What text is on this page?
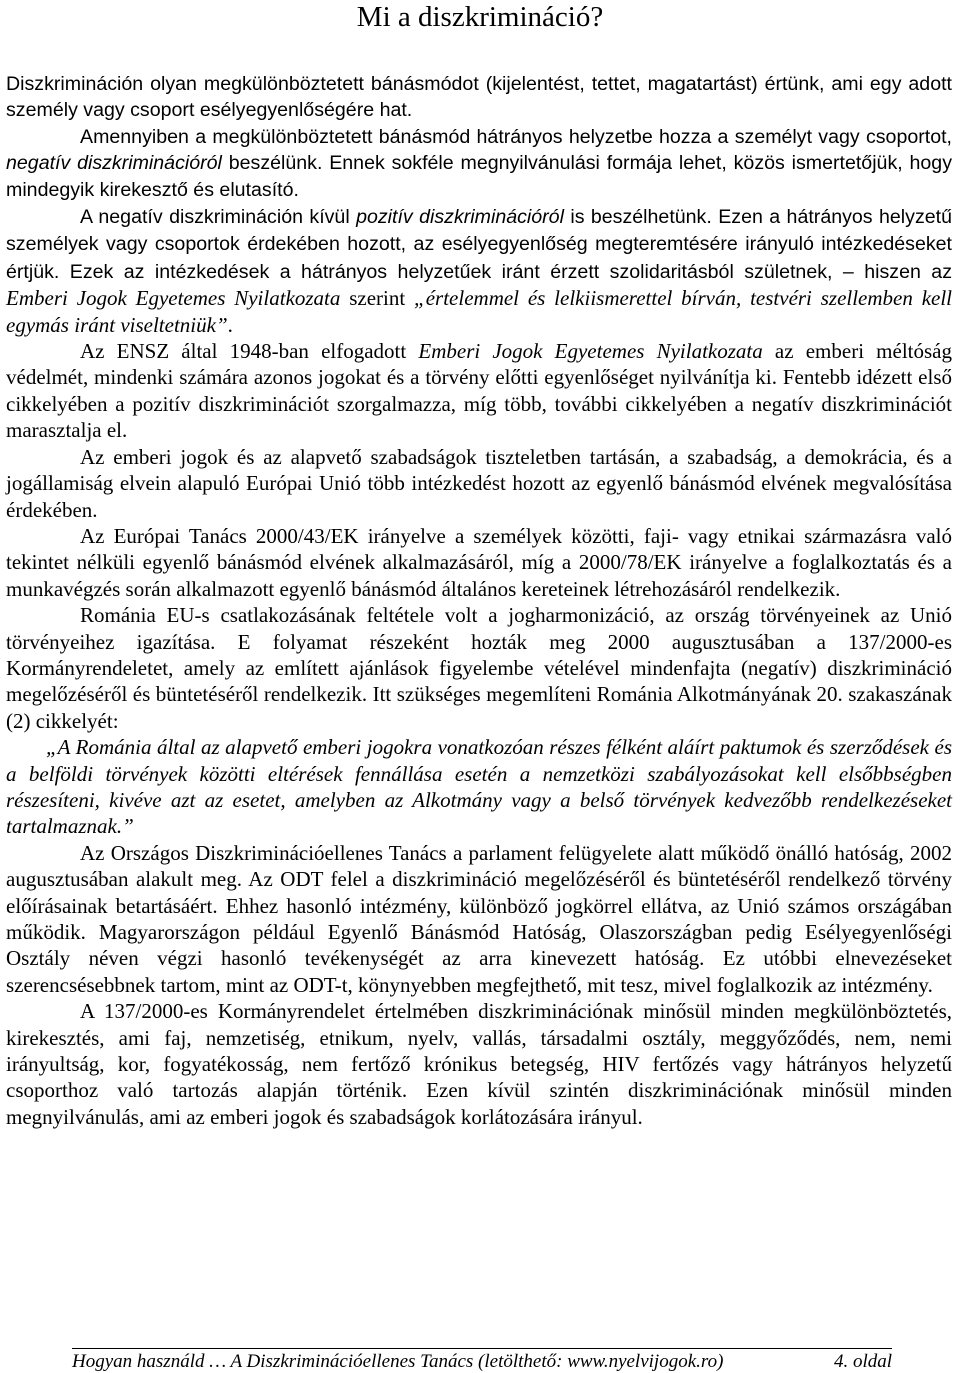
Mi a diszkrimináció?

Diszkrimináción olyan megkülönböztetett bánásmódot (kijelentést, tettet, magatartást) értünk, ami egy adott személy vagy csoport esélyegyenlőségére hat.

Amennyiben a megkülönböztetett bánásmód hátrányos helyzetbe hozza a személyt vagy csoportot, negatív diszkriminációról beszélünk. Ennek sokféle megnyilvánulási formája lehet, közös ismertetőjük, hogy mindegyik kirekesztő és elutasító.

A negatív diszkrimináción kívül pozitív diszkriminációról is beszélhetünk. Ezen a hátrányos helyzetű személyek vagy csoportok érdekében hozott, az esélyegyenlőség megteremtésére irányuló intézkedéseket értjük. Ezek az intézkedések a hátrányos helyzetűek iránt érzett szolidaritásból születnek, – hiszen az Emberi Jogok Egyetemes Nyilatkozata szerint „értelemmel és lelkiismerettel bírván, testvéri szellemben kell egymás iránt viseltetniük”.

Az ENSZ által 1948-ban elfogadott Emberi Jogok Egyetemes Nyilatkozata az emberi méltóság védelmét, mindenki számára azonos jogokat és a törvény előtti egyenlőséget nyilvánítja ki. Fentebb idézett első cikkelyében a pozitív diszkriminációt szorgalmazza, míg több, további cikkelyében a negatív diszkriminációt marasztalja el.

Az emberi jogok és az alapvető szabadságok tiszteletben tartásán, a szabadság, a demokrácia, és a jogállamiság elvein alapuló Európai Unió több intézkedést hozott az egyenlő bánásmód elvének megvalósítása érdekében.

Az Európai Tanács 2000/43/EK irányelve a személyek közötti, faji- vagy etnikai származásra való tekintet nélküli egyenlő bánásmód elvének alkalmazásáról, míg a 2000/78/EK irányelve a foglalkoztatás és a munkavégzés során alkalmazott egyenlő bánásmód általános kereteinek létrehozásáról rendelkezik.

Románia EU-s csatlakozásának feltétele volt a jogharmonizáció, az ország törvényeinek az Unió törvényeihez igazítása. E folyamat részeként hozták meg 2000 augusztusában a 137/2000-es Kormányrendeletet, amely az említett ajánlások figyelembe vételével mindenfajta (negatív) diszkrimináció megelőzéséről és büntetéséről rendelkezik. Itt szükséges megemlíteni Románia Alkotmányának 20. szakaszának (2) cikkelyét:

„A Románia által az alapvető emberi jogokra vonatkozóan részes félként aláírt paktumok és szerződések és a belföldi törvények közötti eltérések fennállása esetén a nemzetközi szabályozásokat kell elsőbbségben részesíteni, kivéve azt az esetet, amelyben az Alkotmány vagy a belső törvények kedvezőbb rendelkezéseket tartalmaznak.”

Az Országos Diszkriminációellenes Tanács a parlament felügyelete alatt működő önálló hatóság, 2002 augusztusában alakult meg. Az ODT felel a diszkrimináció megelőzéséről és büntetéséről rendelkező törvény előírásainak betartásáért. Ehhez hasonló intézmény, különböző jogkörrel ellátva, az Unió számos országában működik. Magyarországon például Egyenlő Bánásmód Hatóság, Olaszországban pedig Esélyegyenlőségi Osztály néven végzi hasonló tevékenységét az arra kinevezett hatóság. Ez utóbbi elnevezéseket szerencsésebbnek tartom, mint az ODT-t, könynyebben megfejthető, mit tesz, mivel foglalkozik az intézmény.

A 137/2000-es Kormányrendelet értelmében diszkriminációnak minősül minden megkülönböztetés, kirekesztés, ami faj, nemzetiség, etnikum, nyelv, vallás, társadalmi osztály, meggyőződés, nem, nemi irányultság, kor, fogyatékosság, nem fertőző krónikus betegség, HIV fertőzés vagy hátrányos helyzetű csoporthoz való tartozás alapján történik. Ezen kívül szintén diszkriminációnak minősül minden megnyilvánulás, ami az emberi jogok és szabadságok korlátozására irányul.

Hogyan használd … A Diszkriminációellenes Tanács (letölthető: www.nyelvijogok.ro)	4. oldal
